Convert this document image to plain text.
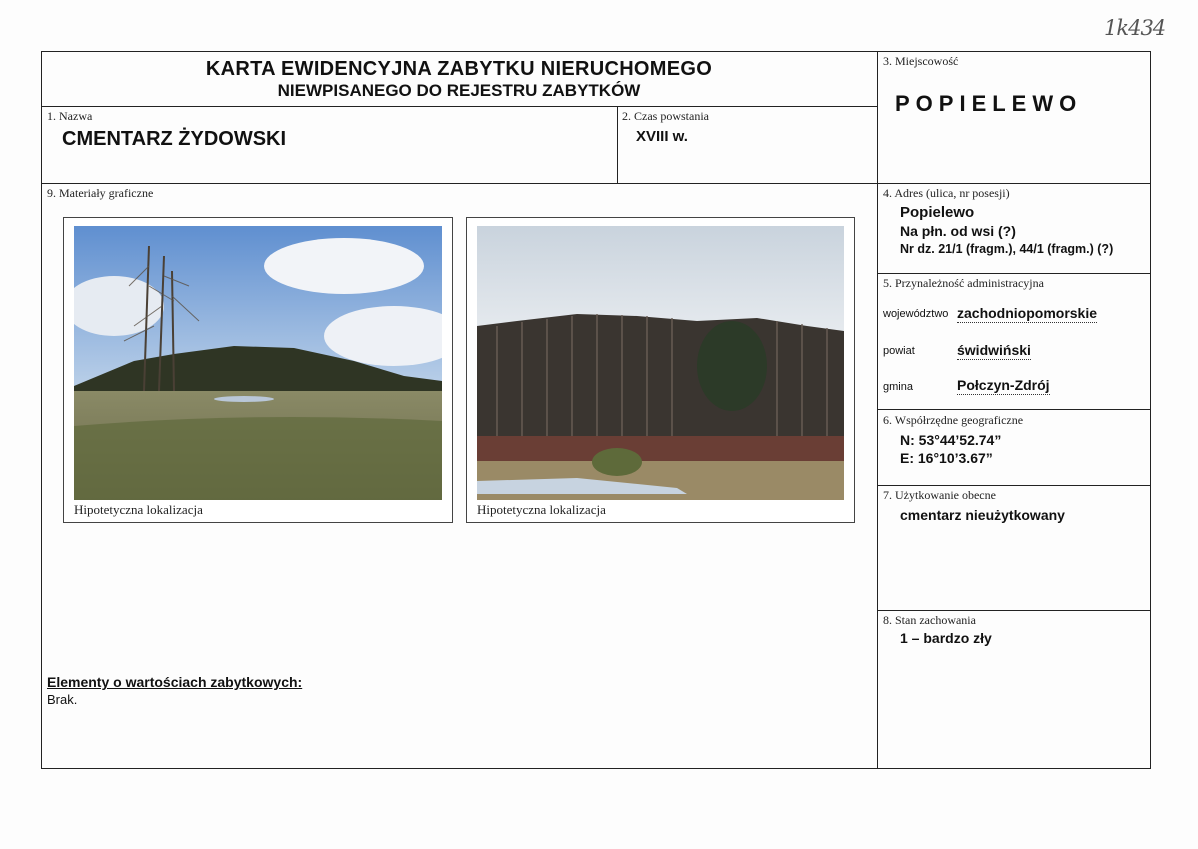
1k434
KARTA EWIDENCYJNA ZABYTKU NIERUCHOMEGO
NIEWPISANEGO DO REJESTRU ZABYTKÓW
1. Nazwa
CMENTARZ ŻYDOWSKI
2. Czas powstania
XVIII w.
3. Miejscowość
POPIELEWO
9. Materiały graficzne
Hipotetyczna lokalizacja	Hipotetyczna lokalizacja
4. Adres (ulica, nr posesji)
Popielewo
Na płn. od wsi (?)
Nr dz. 21/1 (fragm.), 44/1 (fragm.) (?)
5. Przynależność administracyjna
województwo zachodniopomorskie
powiat	świdwiński
gmina	Połczyn-Zdrój
6. Współrzędne geograficzne
N: 53°44’52.74”
E: 16°10’3.67”
7. Użytkowanie obecne
cmentarz nieużytkowany
8. Stan zachowania
1 – bardzo zły
Elementy o wartościach zabytkowych:
Brak.
